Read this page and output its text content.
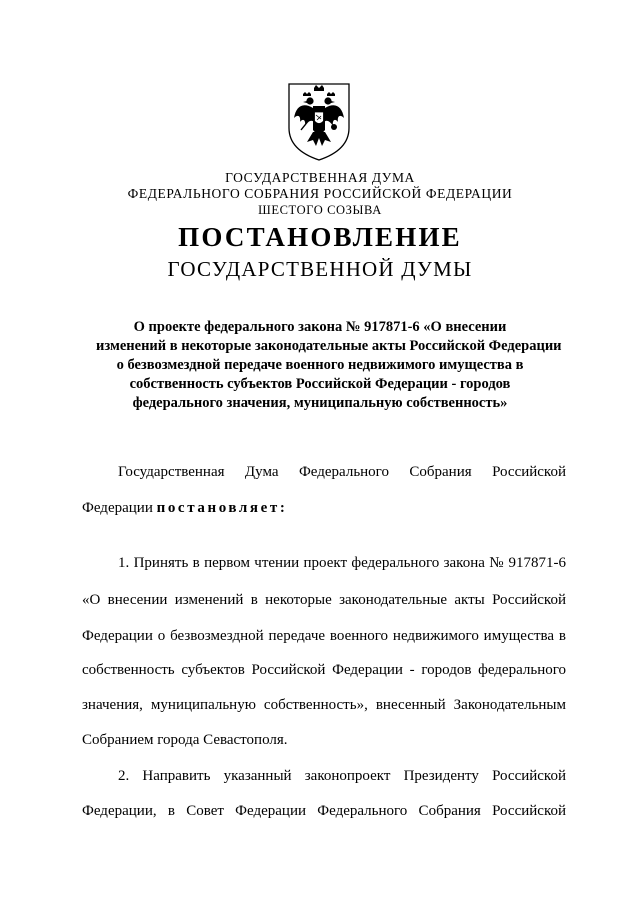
ГОСУДАРСТВЕННАЯ ДУМА
ФЕДЕРАЛЬНОГО СОБРАНИЯ РОССИЙСКОЙ ФЕДЕРАЦИИ
ШЕСТОГО СОЗЫВА
ПОСТАНОВЛЕНИЕ
ГОСУДАРСТВЕННОЙ ДУМЫ
О проекте федерального закона № 917871-6 «О внесении
изменений в некоторые законодательные акты Российской Федерации
о безвозмездной передаче военного недвижимого имущества в
собственность субъектов Российской Федерации - городов
федерального значения, муниципальную собственность»
Государственная Дума Федерального Собрания Российской
Федерации постановляет:
1. Принять в первом чтении проект федерального закона № 917871-6
«О внесении изменений в некоторые законодательные акты Российской
Федерации о безвозмездной передаче военного недвижимого имущества в
собственность субъектов Российской Федерации - городов федерального
значения, муниципальную собственность», внесенный Законодательным
Собранием города Севастополя.
2. Направить указанный законопроект Президенту Российской
Федерации, в Совет Федерации Федерального Собрания Российской
